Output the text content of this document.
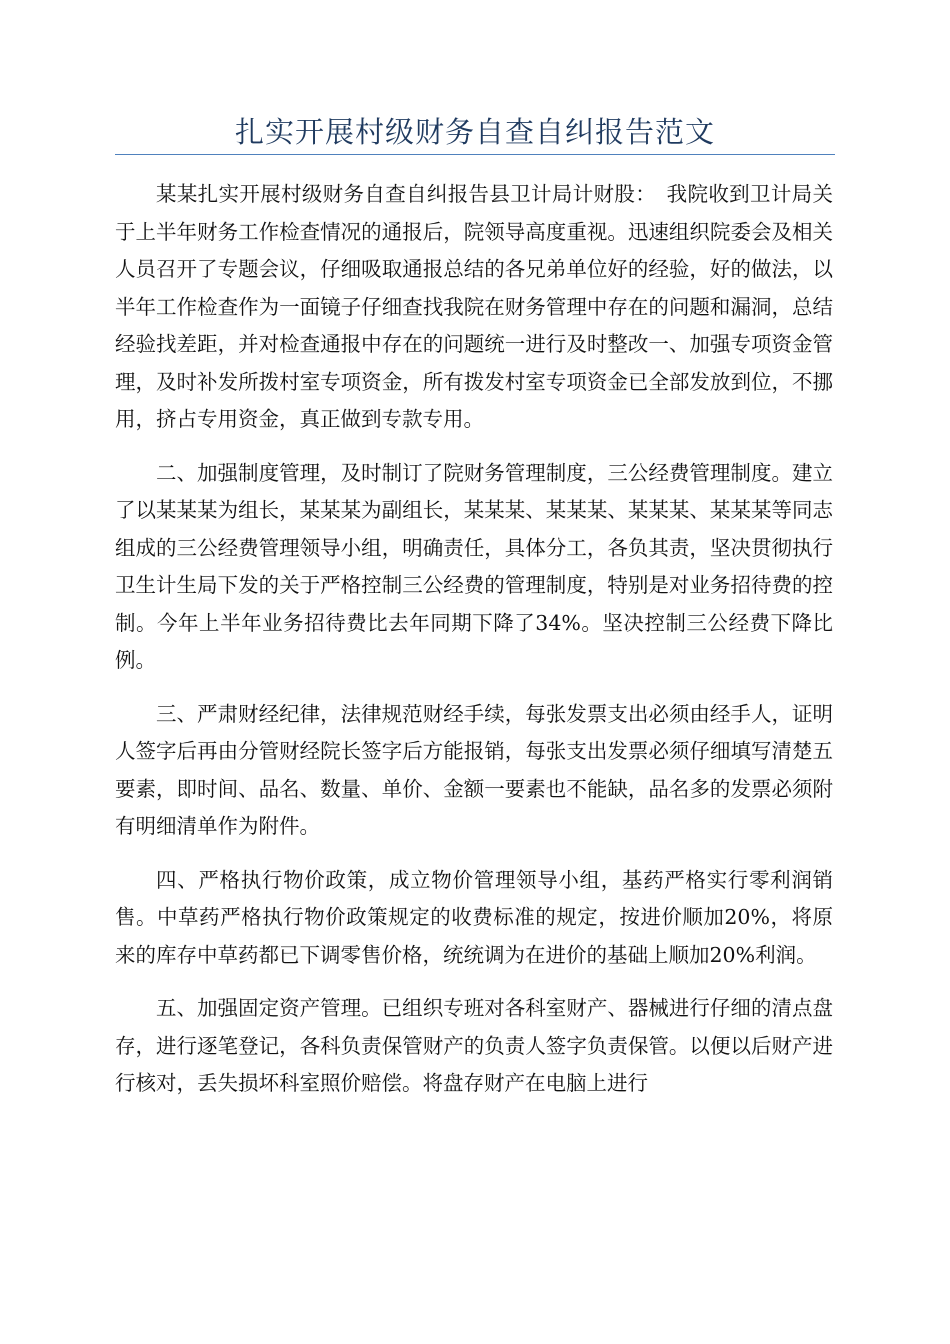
扎实开展村级财务自查自纠报告范文

某某扎实开展村级财务自查自纠报告县卫计局计财股：　我院收到卫计局关于上半年财务工作检查情况的通报后，院领导高度重视。迅速组织院委会及相关人员召开了专题会议，仔细吸取通报总结的各兄弟单位好的经验，好的做法，以半年工作检查作为一面镜子仔细查找我院在财务管理中存在的问题和漏洞，总结经验找差距，并对检查通报中存在的问题统一进行及时整改一、加强专项资金管理，及时补发所拨村室专项资金，所有拨发村室专项资金已全部发放到位，不挪用，挤占专用资金，真正做到专款专用。

二、加强制度管理，及时制订了院财务管理制度，三公经费管理制度。建立了以某某某为组长，某某某为副组长，某某某、某某某、某某某、某某某等同志组成的三公经费管理领导小组，明确责任，具体分工，各负其责，坚决贯彻执行卫生计生局下发的关于严格控制三公经费的管理制度，特别是对业务招待费的控制。今年上半年业务招待费比去年同期下降了34%。坚决控制三公经费下降比例。

三、严肃财经纪律，法律规范财经手续，每张发票支出必须由经手人，证明人签字后再由分管财经院长签字后方能报销，每张支出发票必须仔细填写清楚五要素，即时间、品名、数量、单价、金额一要素也不能缺，品名多的发票必须附有明细清单作为附件。

四、严格执行物价政策，成立物价管理领导小组，基药严格实行零利润销售。中草药严格执行物价政策规定的收费标准的规定，按进价顺加20%，将原来的库存中草药都已下调零售价格，统统调为在进价的基础上顺加20%利润。

五、加强固定资产管理。已组织专班对各科室财产、器械进行仔细的清点盘存，进行逐笔登记，各科负责保管财产的负责人签字负责保管。以便以后财产进行核对，丢失损坏科室照价赔偿。将盘存财产在电脑上进行
